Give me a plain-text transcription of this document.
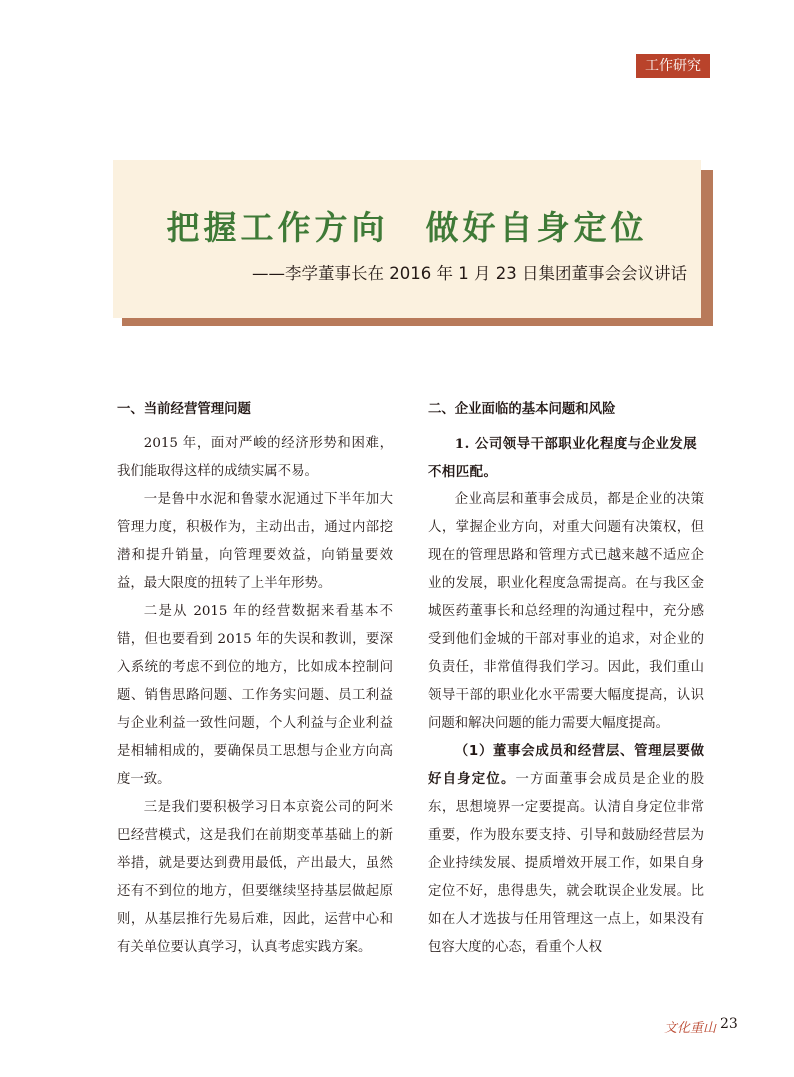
工作研究
把握工作方向　做好自身定位
——李学董事长在 2016 年 1 月 23 日集团董事会会议讲话
一、当前经营管理问题

2015 年，面对严峻的经济形势和困难，我们能取得这样的成绩实属不易。

一是鲁中水泥和鲁蒙水泥通过下半年加大管理力度，积极作为，主动出击，通过内部挖潜和提升销量，向管理要效益，向销量要效益，最大限度的扭转了上半年形势。

二是从 2015 年的经营数据来看基本不错，但也要看到 2015 年的失误和教训，要深入系统的考虑不到位的地方，比如成本控制问题、销售思路问题、工作务实问题、员工利益与企业利益一致性问题，个人利益与企业利益是相辅相成的，要确保员工思想与企业方向高度一致。

三是我们要积极学习日本京瓷公司的阿米巴经营模式，这是我们在前期变革基础上的新举措，就是要达到费用最低，产出最大，虽然还有不到位的地方，但要继续坚持基层做起原则，从基层推行先易后难，因此，运营中心和有关单位要认真学习，认真考虑实践方案。

二、企业面临的基本问题和风险

1. 公司领导干部职业化程度与企业发展不相匹配。

企业高层和董事会成员，都是企业的决策人，掌握企业方向，对重大问题有决策权，但现在的管理思路和管理方式已越来越不适应企业的发展，职业化程度急需提高。在与我区金城医药董事长和总经理的沟通过程中，充分感受到他们金城的干部对事业的追求，对企业的负责任，非常值得我们学习。因此，我们重山领导干部的职业化水平需要大幅度提高，认识问题和解决问题的能力需要大幅度提高。

（1）董事会成员和经营层、管理层要做好自身定位。一方面董事会成员是企业的股东，思想境界一定要提高。认清自身定位非常重要，作为股东要支持、引导和鼓励经营层为企业持续发展、提质增效开展工作，如果自身定位不好，患得患失，就会耽误企业发展。比如在人才选拔与任用管理这一点上，如果没有包容大度的心态，看重个人权

文化重山 23
